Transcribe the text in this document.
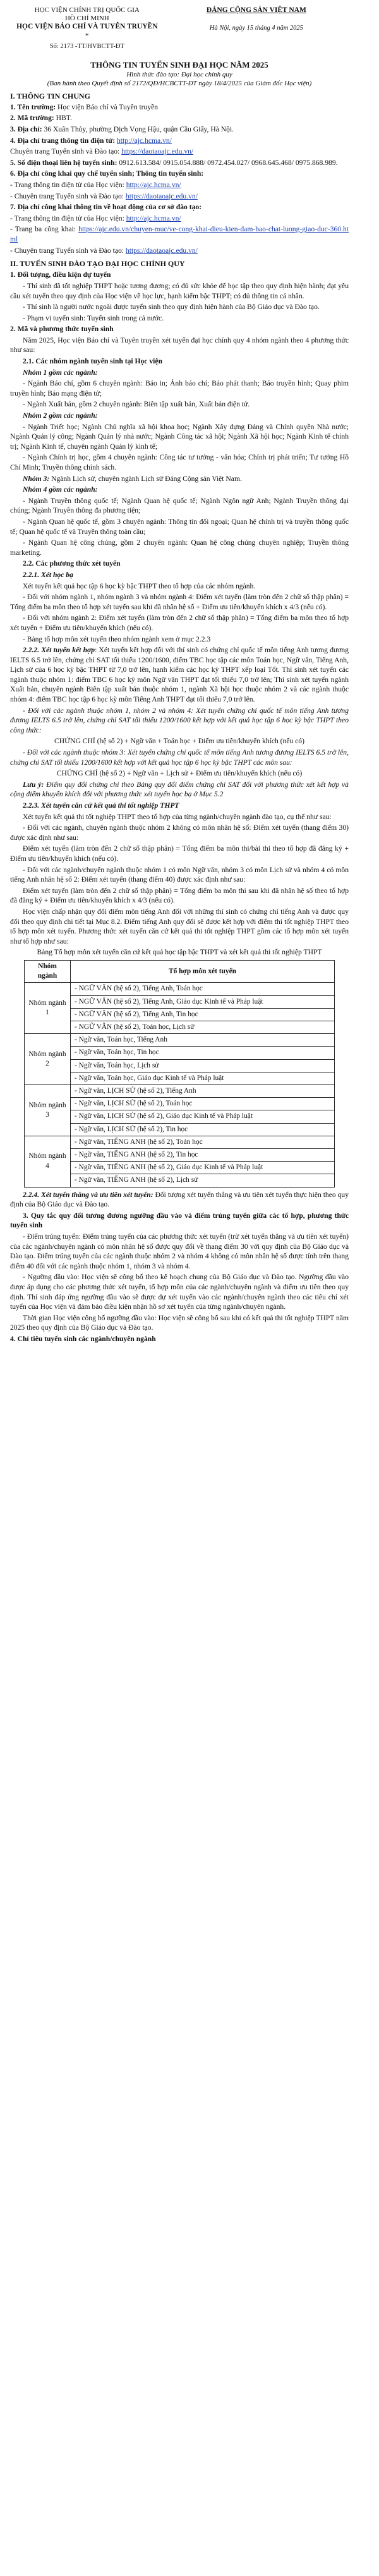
HỌC VIỆN CHÍNH TRỊ QUỐC GIA
HỒ CHÍ MINH
HỌC VIỆN BÁO CHÍ VÀ TUYÊN TRUYỀN
*
Số: 2173 -TT/HVBCTT-ĐT
ĐẢNG CỘNG SẢN VIỆT NAM
Hà Nội, ngày 15 tháng 4 năm 2025
THÔNG TIN TUYỂN SINH ĐẠI HỌC NĂM 2025
Hình thức đào tạo: Đại học chính quy
(Ban hành theo Quyết định số 2172/QĐ/HCBCTT-ĐT ngày 18/4/2025 của Giám đốc Học viện)
I. THÔNG TIN CHUNG

1. Tên trường: Học viện Báo chí và Tuyên truyền

2. Mã trường: HBT.

3. Địa chỉ: 36 Xuân Thủy, phường Dịch Vọng Hậu, quận Cầu Giấy, Hà Nội.

4. Địa chỉ trang thông tin điện tử: http://ajc.hcma.vn/

Chuyên trang Tuyển sinh và Đào tạo: https://daotaoajc.edu.vn/

5. Số điện thoại liên hệ tuyển sinh: 0912.613.584/ 0915.054.888/ 0972.454.027/ 0968.645.468/ 0975.868.989.

6. Địa chỉ công khai quy chế tuyển sinh; Thông tin tuyển sinh:

- Trang thông tin điện tử của Học viện: http://ajc.hcma.vn/

- Chuyên trang Tuyển sinh và Đào tạo: https://daotaoajc.edu.vn/

7. Địa chỉ công khai thông tin về hoạt động của cơ sở đào tạo:

- Trang thông tin điện tử của Học viện: http://ajc.hcma.vn/

- Trang ba công khai: https://ajc.edu.vn/chuyen-muc/ve-cong-khai-dieu-kien-dam-bao-chat-luong-giao-duc-360.html

- Chuyên trang Tuyển sinh và Đào tạo: https://daotaoajc.edu.vn/

II. TUYỂN SINH ĐÀO TẠO ĐẠI HỌC CHÍNH QUY

1. Đối tượng, điều kiện dự tuyển

- Thí sinh đã tốt nghiệp THPT hoặc tương đương; có đủ sức khỏe để học tập theo quy định hiện hành; đạt yêu cầu xét tuyển theo quy định của Học viện về học lực, hạnh kiểm bậc THPT; có đủ thông tin cá nhân.

- Thí sinh là người nước ngoài được tuyển sinh theo quy định hiện hành của Bộ Giáo dục và Đào tạo.

- Phạm vi tuyển sinh: Tuyển sinh trong cả nước.

2. Mã và phương thức tuyển sinh

Năm 2025, Học viện Báo chí và Tuyên truyền xét tuyển đại học chính quy 4 nhóm ngành theo 4 phương thức như sau:

2.1. Các nhóm ngành tuyển sinh tại Học viện

Nhóm 1 gồm các ngành:

- Ngành Báo chí, gồm 6 chuyên ngành: Báo in; Ảnh báo chí; Báo phát thanh; Báo truyền hình; Quay phim truyền hình; Báo mạng điện tử;

- Ngành Xuất bản, gồm 2 chuyên ngành: Biên tập xuất bản, Xuất bản điện tử.

Nhóm 2 gồm các ngành:

- Ngành Triết học; Ngành Chủ nghĩa xã hội khoa học; Ngành Xây dựng Đảng và Chính quyền Nhà nước; Ngành Quản lý công; Ngành Quản lý nhà nước; Ngành Công tác xã hội; Ngành Xã hội học; Ngành Kinh tế chính trị; Ngành Kinh tế, chuyên ngành Quản lý kinh tế;

- Ngành Chính trị học, gồm 4 chuyên ngành: Công tác tư tưởng - văn hóa; Chính trị phát triển; Tư tưởng Hồ Chí Minh; Truyền thông chính sách.

Nhóm 3: Ngành Lịch sử, chuyên ngành Lịch sử Đảng Cộng sản Việt Nam.

Nhóm 4 gồm các ngành:

- Ngành Truyền thông quốc tế; Ngành Quan hệ quốc tế; Ngành Ngôn ngữ Anh; Ngành Truyền thông đại chúng; Ngành Truyền thông đa phương tiện;

- Ngành Quan hệ quốc tế, gồm 3 chuyên ngành: Thông tin đối ngoại; Quan hệ chính trị và truyền thông quốc tế; Quan hệ quốc tế và Truyền thông toàn cầu;

- Ngành Quan hệ công chúng, gồm 2 chuyên ngành: Quan hệ công chúng chuyên nghiệp; Truyền thông marketing.

2.2. Các phương thức xét tuyển

2.2.1. Xét học bạ

Xét tuyển kết quả học tập 6 học kỳ bậc THPT theo tổ hợp của các nhóm ngành.

- Đối với nhóm ngành 1, nhóm ngành 3 và nhóm ngành 4: Điểm xét tuyển (làm tròn đến 2 chữ số thập phân) = Tổng điểm ba môn theo tổ hợp xét tuyển sau khi đã nhân hệ số + Điểm ưu tiên/khuyến khích x 4/3 (nếu có).

- Đối với nhóm ngành 2: Điểm xét tuyển (làm tròn đến 2 chữ số thập phân) = Tổng điểm ba môn theo tổ hợp xét tuyển + Điểm ưu tiên/khuyến khích (nếu có).

- Bảng tổ hợp môn xét tuyển theo nhóm ngành xem ở mục 2.2.3

2.2.2. Xét tuyển kết hợp: Xét tuyển kết hợp đối với thí sinh có chứng chỉ quốc tế môn tiếng Anh tương đương IELTS 6.5 trở lên, chứng chỉ SAT tối thiểu 1200/1600, điểm TBC học tập các môn Toán học, Ngữ văn, Tiếng Anh, Lịch sử của 6 học kỳ bậc THPT từ 7,0 trở lên, hạnh kiểm các học kỳ THPT xếp loại Tốt. Thí sinh xét tuyển các ngành thuộc nhóm 1: điểm TBC 6 học kỳ môn Ngữ văn THPT đạt tối thiểu 7,0 trở lên; Thí sinh xét tuyển ngành Xuất bản, chuyên ngành Biên tập xuất bản thuộc nhóm 1, ngành Xã hội học thuộc nhóm 2 và các ngành thuộc nhóm 4: điểm TBC học tập 6 học kỳ môn Tiếng Anh THPT đạt tối thiểu 7,0 trở lên.

- Đối với các ngành thuộc nhóm 1, nhóm 2 và nhóm 4: Xét tuyển chứng chỉ quốc tế môn tiếng Anh tương đương IELTS 6.5 trở lên, chứng chỉ SAT tối thiểu 1200/1600 kết hợp với kết quả học tập 6 học kỳ bậc THPT theo công thức:

CHỨNG CHỈ (hệ số 2) + Ngữ văn + Toán học + Điểm ưu tiên/khuyến khích (nếu có)

- Đối với các ngành thuộc nhóm 3: Xét tuyển chứng chỉ quốc tế môn tiếng Anh tương đương IELTS 6.5 trở lên, chứng chỉ SAT tối thiểu 1200/1600 kết hợp với kết quả học tập 6 học kỳ bậc THPT các môn sau:

CHỨNG CHỈ (hệ số 2) + Ngữ văn + Lịch sử + Điểm ưu tiên/khuyến khích (nếu có)

Lưu ý: Điểm quy đổi chứng chỉ theo Bảng quy đổi điểm chứng chỉ SAT đối với phương thức xét kết hợp và cộng điểm khuyến khích đối với phương thức xét tuyển học bạ ở Mục 5.2

2.2.3. Xét tuyển căn cứ kết quả thi tốt nghiệp THPT

Xét tuyển kết quả thi tốt nghiệp THPT theo tổ hợp của từng ngành/chuyên ngành đào tạo, cụ thể như sau:

- Đối với các ngành, chuyên ngành thuộc nhóm 2 không có môn nhân hệ số: Điểm xét tuyển (thang điểm 30) được xác định như sau:

Điểm xét tuyển (làm tròn đến 2 chữ số thập phân) = Tổng điểm ba môn thi/bài thi theo tổ hợp đã đăng ký + Điểm ưu tiên/khuyến khích (nếu có).

- Đối với các ngành/chuyên ngành thuộc nhóm 1 có môn Ngữ văn, nhóm 3 có môn Lịch sử và nhóm 4 có môn tiếng Anh nhân hệ số 2: Điểm xét tuyển (thang điểm 40) được xác định như sau:

Điểm xét tuyển (làm tròn đến 2 chữ số thập phân) = Tổng điểm ba môn thi sau khi đã nhân hệ số theo tổ hợp đã đăng ký + Điểm ưu tiên/khuyến khích x 4/3 (nếu có).

Học viện chấp nhận quy đổi điểm môn tiếng Anh đối với những thí sinh có chứng chỉ tiếng Anh và được quy đổi theo quy định chi tiết tại Mục 8.2. Điểm tiếng Anh quy đổi sẽ được kết hợp với điểm thi tốt nghiệp THPT theo tổ hợp môn xét tuyển. Phương thức xét tuyển căn cứ kết quả thi tốt nghiệp THPT gồm các tổ hợp môn xét tuyển như tổ hợp như sau:

Bảng Tổ hợp môn xét tuyển căn cứ kết quả học tập bậc THPT và xét kết quả thi tốt nghiệp THPT

Nhóm ngành	Tổ hợp môn xét tuyển
Nhóm ngành 1	- NGỮ VĂN (hệ số 2), Tiếng Anh, Toán học
	- NGỮ VĂN (hệ số 2), Tiếng Anh, Giáo dục Kinh tế và Pháp luật
	- NGỮ VĂN (hệ số 2), Tiếng Anh, Tin học
	- NGỮ VĂN (hệ số 2), Toán học, Lịch sử
Nhóm ngành 2	- Ngữ văn, Toán học, Tiếng Anh
	- Ngữ văn, Toán học, Tin học
	- Ngữ văn, Toán học, Lịch sử
	- Ngữ văn, Toán học, Giáo dục Kinh tế và Pháp luật
Nhóm ngành 3	- Ngữ văn, LỊCH SỬ (hệ số 2), Tiếng Anh
	- Ngữ văn, LỊCH SỬ (hệ số 2), Toán học
	- Ngữ văn, LỊCH SỬ (hệ số 2), Giáo dục Kinh tế và Pháp luật
	- Ngữ văn, LỊCH SỬ (hệ số 2), Tin học
Nhóm ngành 4	- Ngữ văn, TIẾNG ANH (hệ số 2), Toán học
	- Ngữ văn, TIẾNG ANH (hệ số 2), Tin học
	- Ngữ văn, TIẾNG ANH (hệ số 2), Giáo dục Kinh tế và Pháp luật
	- Ngữ văn, TIẾNG ANH (hệ số 2), Lịch sử

2.2.4. Xét tuyển thẳng và ưu tiên xét tuyển: Đối tượng xét tuyển thẳng và ưu tiên xét tuyển thực hiện theo quy định của Bộ Giáo dục và Đào tạo.

3. Quy tắc quy đổi tương đương ngưỡng đầu vào và điểm trúng tuyển giữa các tổ hợp, phương thức tuyển sinh

- Điểm trúng tuyển: Điểm trúng tuyển của các phương thức xét tuyển (trừ xét tuyển thẳng và ưu tiên xét tuyển) của các ngành/chuyên ngành có môn nhân hệ số được quy đổi về thang điểm 30 với quy định của Bộ Giáo dục và Đào tạo. Điểm trúng tuyển của các ngành thuộc nhóm 2 và nhóm 4 không có môn nhân hệ số được tính trên thang điểm 40 đối với các ngành thuộc nhóm 1, nhóm 3 và nhóm 4.

- Ngưỡng đầu vào: Học viện sẽ công bố theo kế hoạch chung của Bộ Giáo dục và Đào tạo. Ngưỡng đầu vào được áp dụng cho các phương thức xét tuyển, tổ hợp môn của các ngành/chuyên ngành và điểm ưu tiên theo quy định. Thí sinh đáp ứng ngưỡng đầu vào sẽ được dự xét tuyển vào các ngành/chuyên ngành theo các tiêu chí xét tuyển của Học viện và đảm bảo điều kiện nhận hồ sơ xét tuyển của từng ngành/chuyên ngành.

Thời gian Học viện công bố ngưỡng đầu vào: Học viện sẽ công bố sau khi có kết quả thi tốt nghiệp THPT năm 2025 theo quy định của Bộ Giáo dục và Đào tạo.

4. Chỉ tiêu tuyển sinh các ngành/chuyên ngành
